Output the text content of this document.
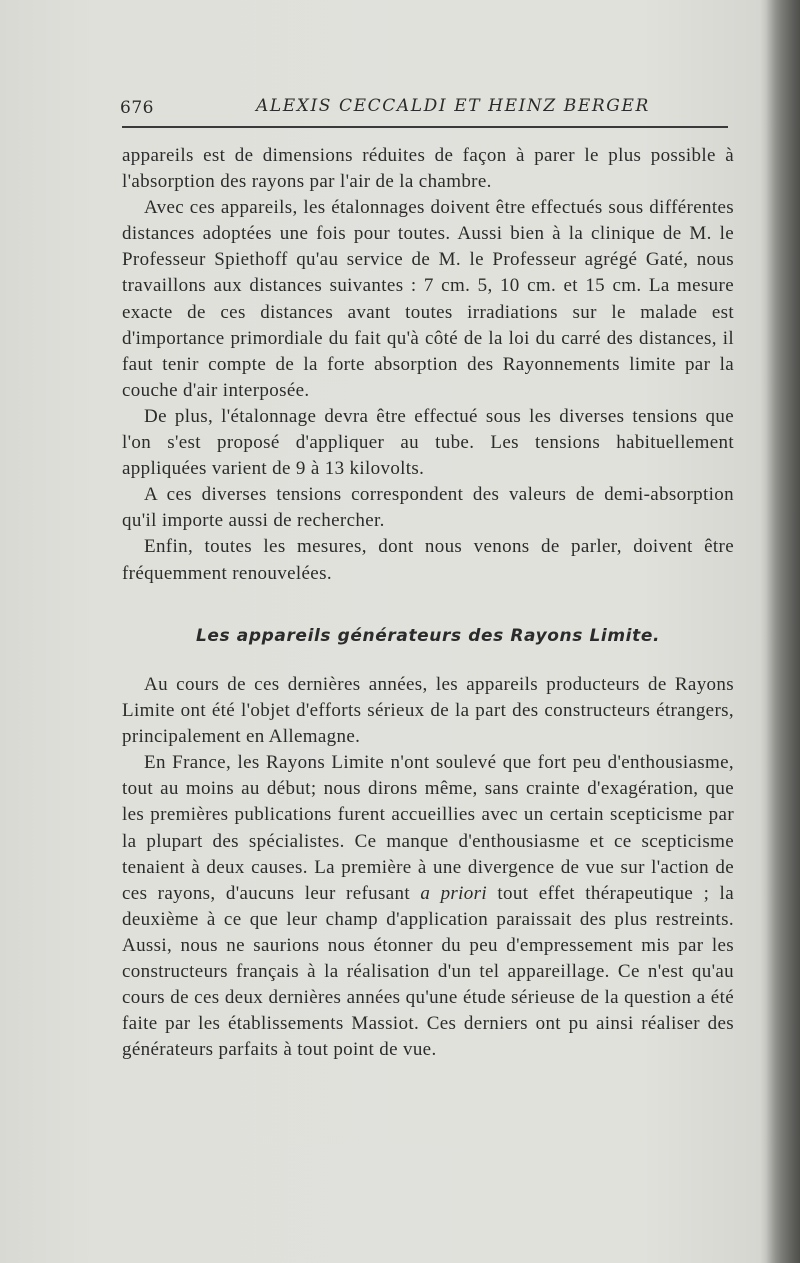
676	ALEXIS CECCALDI ET HEINZ BERGER

appareils est de dimensions réduites de façon à parer le plus possible à l'absorption des rayons par l'air de la chambre.

Avec ces appareils, les étalonnages doivent être effectués sous différentes distances adoptées une fois pour toutes. Aussi bien à la clinique de M. le Professeur Spiethoff qu'au service de M. le Professeur agrégé Gaté, nous travaillons aux distances suivantes : 7 cm. 5, 10 cm. et 15 cm. La mesure exacte de ces distances avant toutes irradiations sur le malade est d'importance primordiale du fait qu'à côté de la loi du carré des distances, il faut tenir compte de la forte absorption des Rayonnements limite par la couche d'air interposée.

De plus, l'étalonnage devra être effectué sous les diverses tensions que l'on s'est proposé d'appliquer au tube. Les tensions habituellement appliquées varient de 9 à 13 kilovolts.

A ces diverses tensions correspondent des valeurs de demi-absorption qu'il importe aussi de rechercher.

Enfin, toutes les mesures, dont nous venons de parler, doivent être fréquemment renouvelées.

Les appareils générateurs des Rayons Limite.

Au cours de ces dernières années, les appareils producteurs de Rayons Limite ont été l'objet d'efforts sérieux de la part des constructeurs étrangers, principalement en Allemagne.

En France, les Rayons Limite n'ont soulevé que fort peu d'enthousiasme, tout au moins au début; nous dirons même, sans crainte d'exagération, que les premières publications furent accueillies avec un certain scepticisme par la plupart des spécialistes. Ce manque d'enthousiasme et ce scepticisme tenaient à deux causes. La première à une divergence de vue sur l'action de ces rayons, d'aucuns leur refusant a priori tout effet thérapeutique ; la deuxième à ce que leur champ d'application paraissait des plus restreints. Aussi, nous ne saurions nous étonner du peu d'empressement mis par les constructeurs français à la réalisation d'un tel appareillage. Ce n'est qu'au cours de ces deux dernières années qu'une étude sérieuse de la question a été faite par les établissements Massiot. Ces derniers ont pu ainsi réaliser des générateurs parfaits à tout point de vue.
